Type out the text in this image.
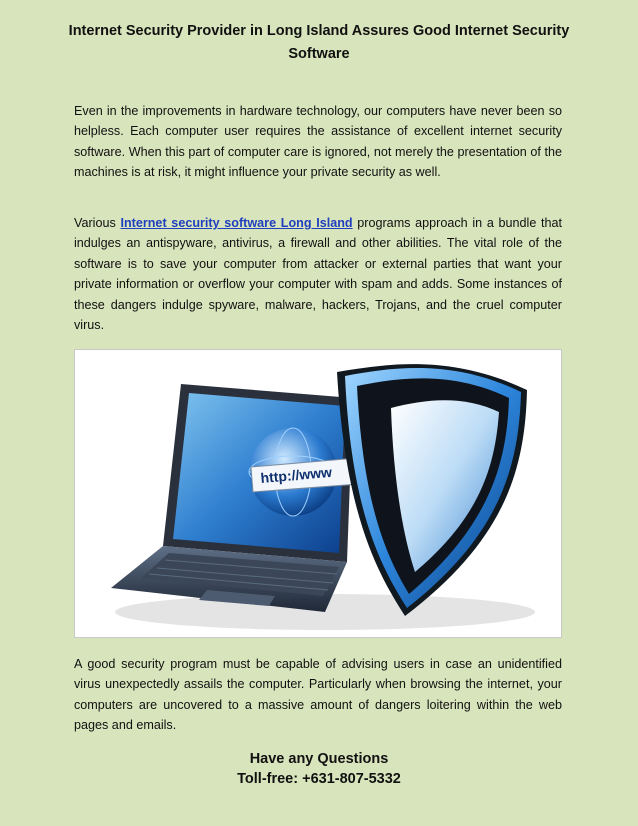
Internet Security Provider in Long Island Assures Good Internet Security Software

Even in the improvements in hardware technology, our computers have never been so helpless. Each computer user requires the assistance of excellent internet security software. When this part of computer care is ignored, not merely the presentation of the machines is at risk, it might influence your private security as well.

Various Internet security software Long Island programs approach in a bundle that indulges an antispyware, antivirus, a firewall and other abilities. The vital role of the software is to save your computer from attacker or external parties that want your private information or overflow your computer with spam and adds. Some instances of these dangers indulge spyware, malware, hackers, Trojans, and the cruel computer virus.

http://www

A good security program must be capable of advising users in case an unidentified virus unexpectedly assails the computer. Particularly when browsing the internet, your computers are uncovered to a massive amount of dangers loitering within the web pages and emails.

Have any Questions

Toll-free: +631-807-5332
